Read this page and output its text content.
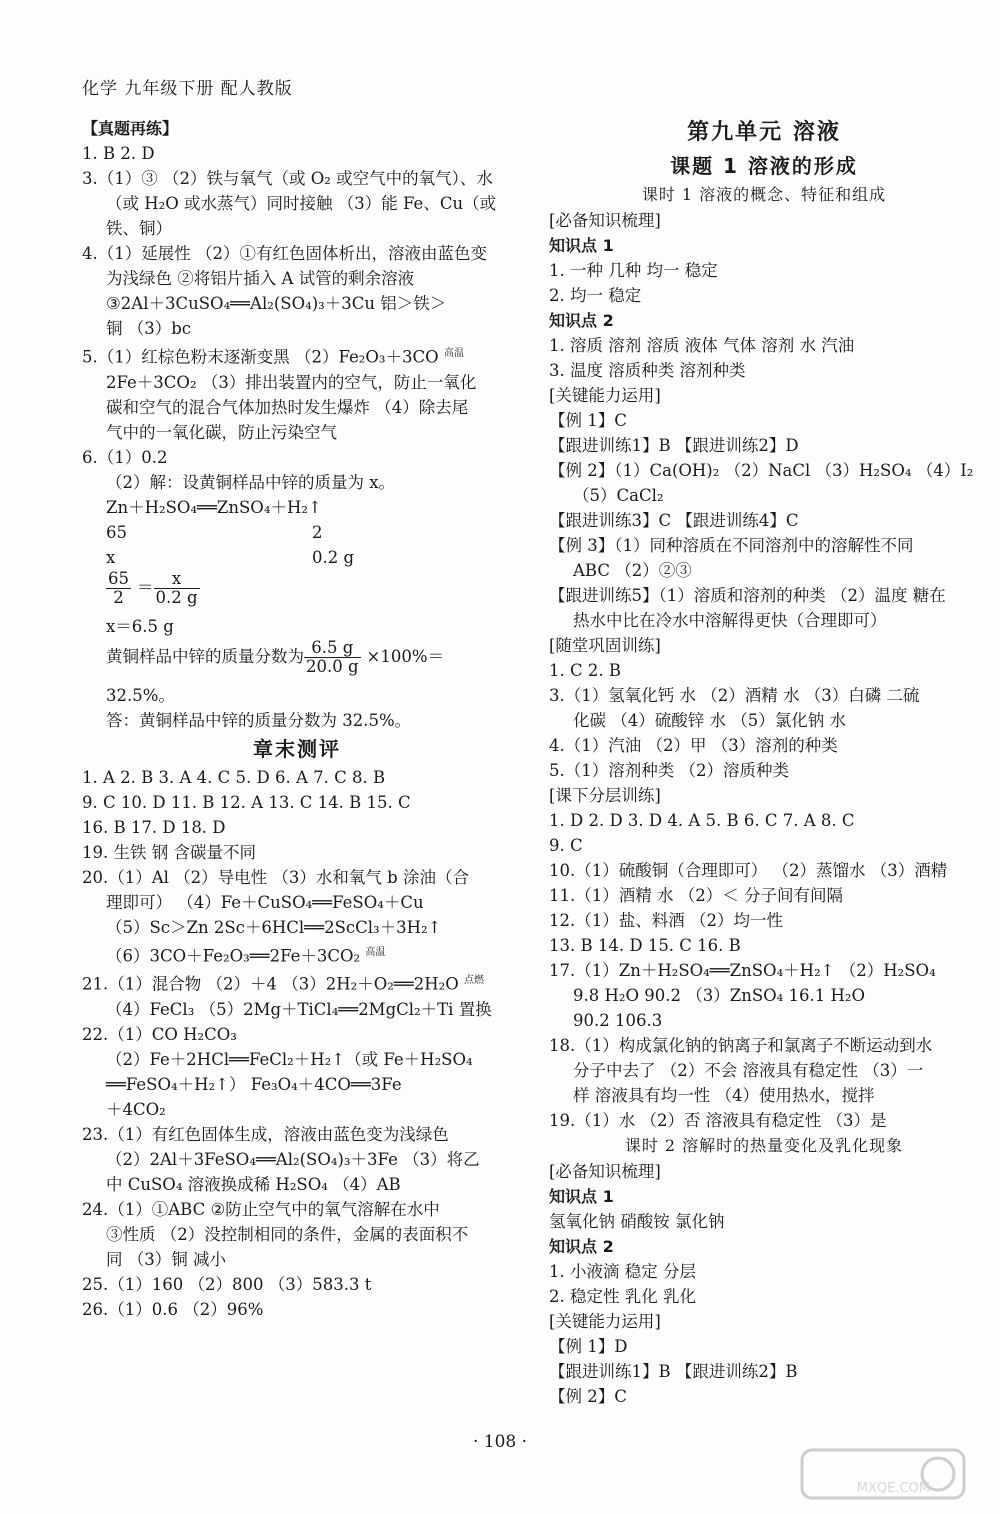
化学 九年级下册 配人教版
【真题再练】
1. B 2. D
3.（1）③ （2）铁与氧气（或 O₂ 或空气中的氧气）、水
（或 H₂O 或水蒸气）同时接触 （3）能 Fe、Cu（或
铁、铜）
4.（1）延展性 （2）①有红色固体析出，溶液由蓝色变
为浅绿色 ②将铝片插入 A 试管的剩余溶液
③2Al＋3CuSO₄══Al₂(SO₄)₃＋3Cu 铝＞铁＞
铜 （3）bc
5.（1）红棕色粉末逐渐变黑 （2）Fe₂O₃＋3CO $^{高温}$
2Fe＋3CO₂ （3）排出装置内的空气，防止一氧化
碳和空气的混合气体加热时发生爆炸 （4）除去尾
气中的一氧化碳，防止污染空气
6.（1）0.2
（2）解：设黄铜样品中锌的质量为 x。
Zn＋H₂SO₄══ZnSO₄＋H₂↑
65	2
x	0.2 g
$\frac{65}{2} = \frac{x}{0.2 g}$
x＝6.5 g
黄铜样品中锌的质量分数为 $\frac{6.5 g}{20.0 g} \times 100\%=$
32.5%。
答：黄铜样品中锌的质量分数为 32.5%。
章末测评
1. A 2. B 3. A 4. C 5. D 6. A 7. C 8. B
9. C 10. D 11. B 12. A 13. C 14. B 15. C
16. B 17. D 18. D
19. 生铁 钢 含碳量不同
20.（1）Al （2）导电性 （3）水和氧气 b 涂油（合
理即可） （4）Fe＋CuSO₄══FeSO₄＋Cu
（5）Sc＞Zn 2Sc＋6HCl══2ScCl₃＋3H₂↑
（6）3CO＋Fe₂O₃══2Fe＋3CO₂ $^{高温}$
21.（1）混合物 （2）＋4 （3）2H₂＋O₂══2H₂O $^{点燃}$
（4）FeCl₃ （5）2Mg＋TiCl₄══2MgCl₂＋Ti 置换
22.（1）CO H₂CO₃
（2）Fe＋2HCl══FeCl₂＋H₂↑（或 Fe＋H₂SO₄
══FeSO₄＋H₂↑） Fe₃O₄＋4CO══3Fe
＋4CO₂
23.（1）有红色固体生成，溶液由蓝色变为浅绿色
（2）2Al＋3FeSO₄══Al₂(SO₄)₃＋3Fe （3）将乙
中 CuSO₄ 溶液换成稀 H₂SO₄ （4）AB
24.（1）①ABC ②防止空气中的氧气溶解在水中
③性质 （2）没控制相同的条件，金属的表面积不
同 （3）铜 减小
25.（1）160 （2）800 （3）583.3 t
26.（1）0.6 （2）96%
第九单元 溶液
课题 1 溶液的形成
课时 1 溶液的概念、特征和组成
[必备知识梳理]
知识点 1
1. 一种 几种 均一 稳定
2. 均一 稳定
知识点 2
1. 溶质 溶剂 溶质 液体 气体 溶剂 水 汽油
3. 温度 溶质种类 溶剂种类
[关键能力运用]
【例 1】C
【跟进训练1】B 【跟进训练2】D
【例 2】（1）Ca(OH)₂ （2）NaCl （3）H₂SO₄ （4）I₂
（5）CaCl₂
【跟进训练3】C 【跟进训练4】C
【例 3】（1）同种溶质在不同溶剂中的溶解性不同
ABC （2）②③
【跟进训练5】（1）溶质和溶剂的种类 （2）温度 糖在
热水中比在冷水中溶解得更快（合理即可）
[随堂巩固训练]
1. C 2. B
3.（1）氢氧化钙 水 （2）酒精 水 （3）白磷 二硫
化碳 （4）硫酸锌 水 （5）氯化钠 水
4.（1）汽油 （2）甲 （3）溶剂的种类
5.（1）溶剂种类 （2）溶质种类
[课下分层训练]
1. D 2. D 3. D 4. A 5. B 6. C 7. A 8. C
9. C
10.（1）硫酸铜（合理即可） （2）蒸馏水 （3）酒精
11.（1）酒精 水 （2）＜ 分子间有间隔
12.（1）盐、料酒 （2）均一性
13. B 14. D 15. C 16. B
17.（1）Zn＋H₂SO₄══ZnSO₄＋H₂↑ （2）H₂SO₄
9.8 H₂O 90.2 （3）ZnSO₄ 16.1 H₂O
90.2 106.3
18.（1）构成氯化钠的钠离子和氯离子不断运动到水
分子中去了 （2）不会 溶液具有稳定性 （3）一
样 溶液具有均一性 （4）使用热水，搅拌
19.（1）水 （2）否 溶液具有稳定性 （3）是
课时 2 溶解时的热量变化及乳化现象
[必备知识梳理]
知识点 1
氢氧化钠 硝酸铵 氯化钠
知识点 2
1. 小液滴 稳定 分层
2. 稳定性 乳化 乳化
[关键能力运用]
【例 1】D
【跟进训练1】B 【跟进训练2】B
【例 2】C
· 108 ·
MXQE.COM
